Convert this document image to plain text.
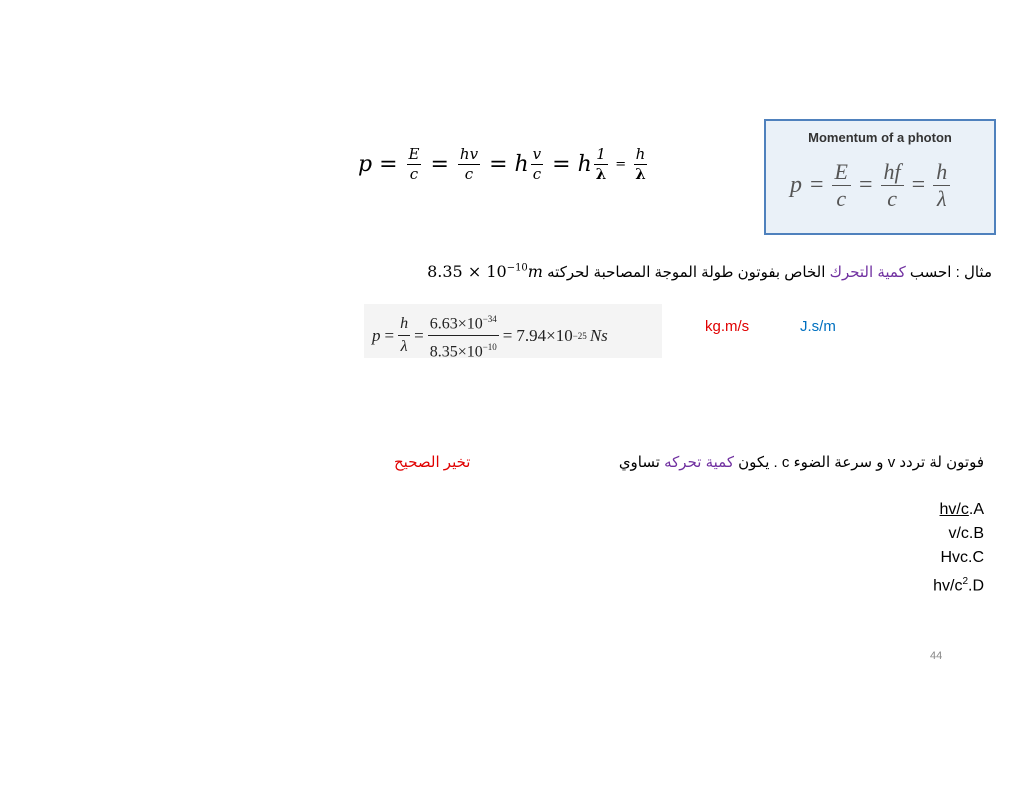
$p = \frac{E}{c} = \frac{hv}{c} = h \frac{v}{c} = h \frac{1}{\lambda} = \frac{h}{\lambda}$
Momentum of a photon
$p = \frac{E}{c} = \frac{hf}{c} = \frac{h}{\lambda}$
مثال : احسب كمية التحرك الخاص بفوتون طولة الموجة المصاحبة لحركته $8.35 \times 10^{-10}m$
$p = \frac{h}{\lambda} = \frac{6.63\times 10^{-34}}{8.35\times 10^{-10}} = 7.94\times 10 -25$ Ns	kg.m/s	J.s/m
فوتون لة تردد v و سرعة الضوء c . يكون كمية تحركه تساوي
تخير الصحيح
hv/c.A
v/c.B
Hvc.C
$hv/c^2.D$
44
